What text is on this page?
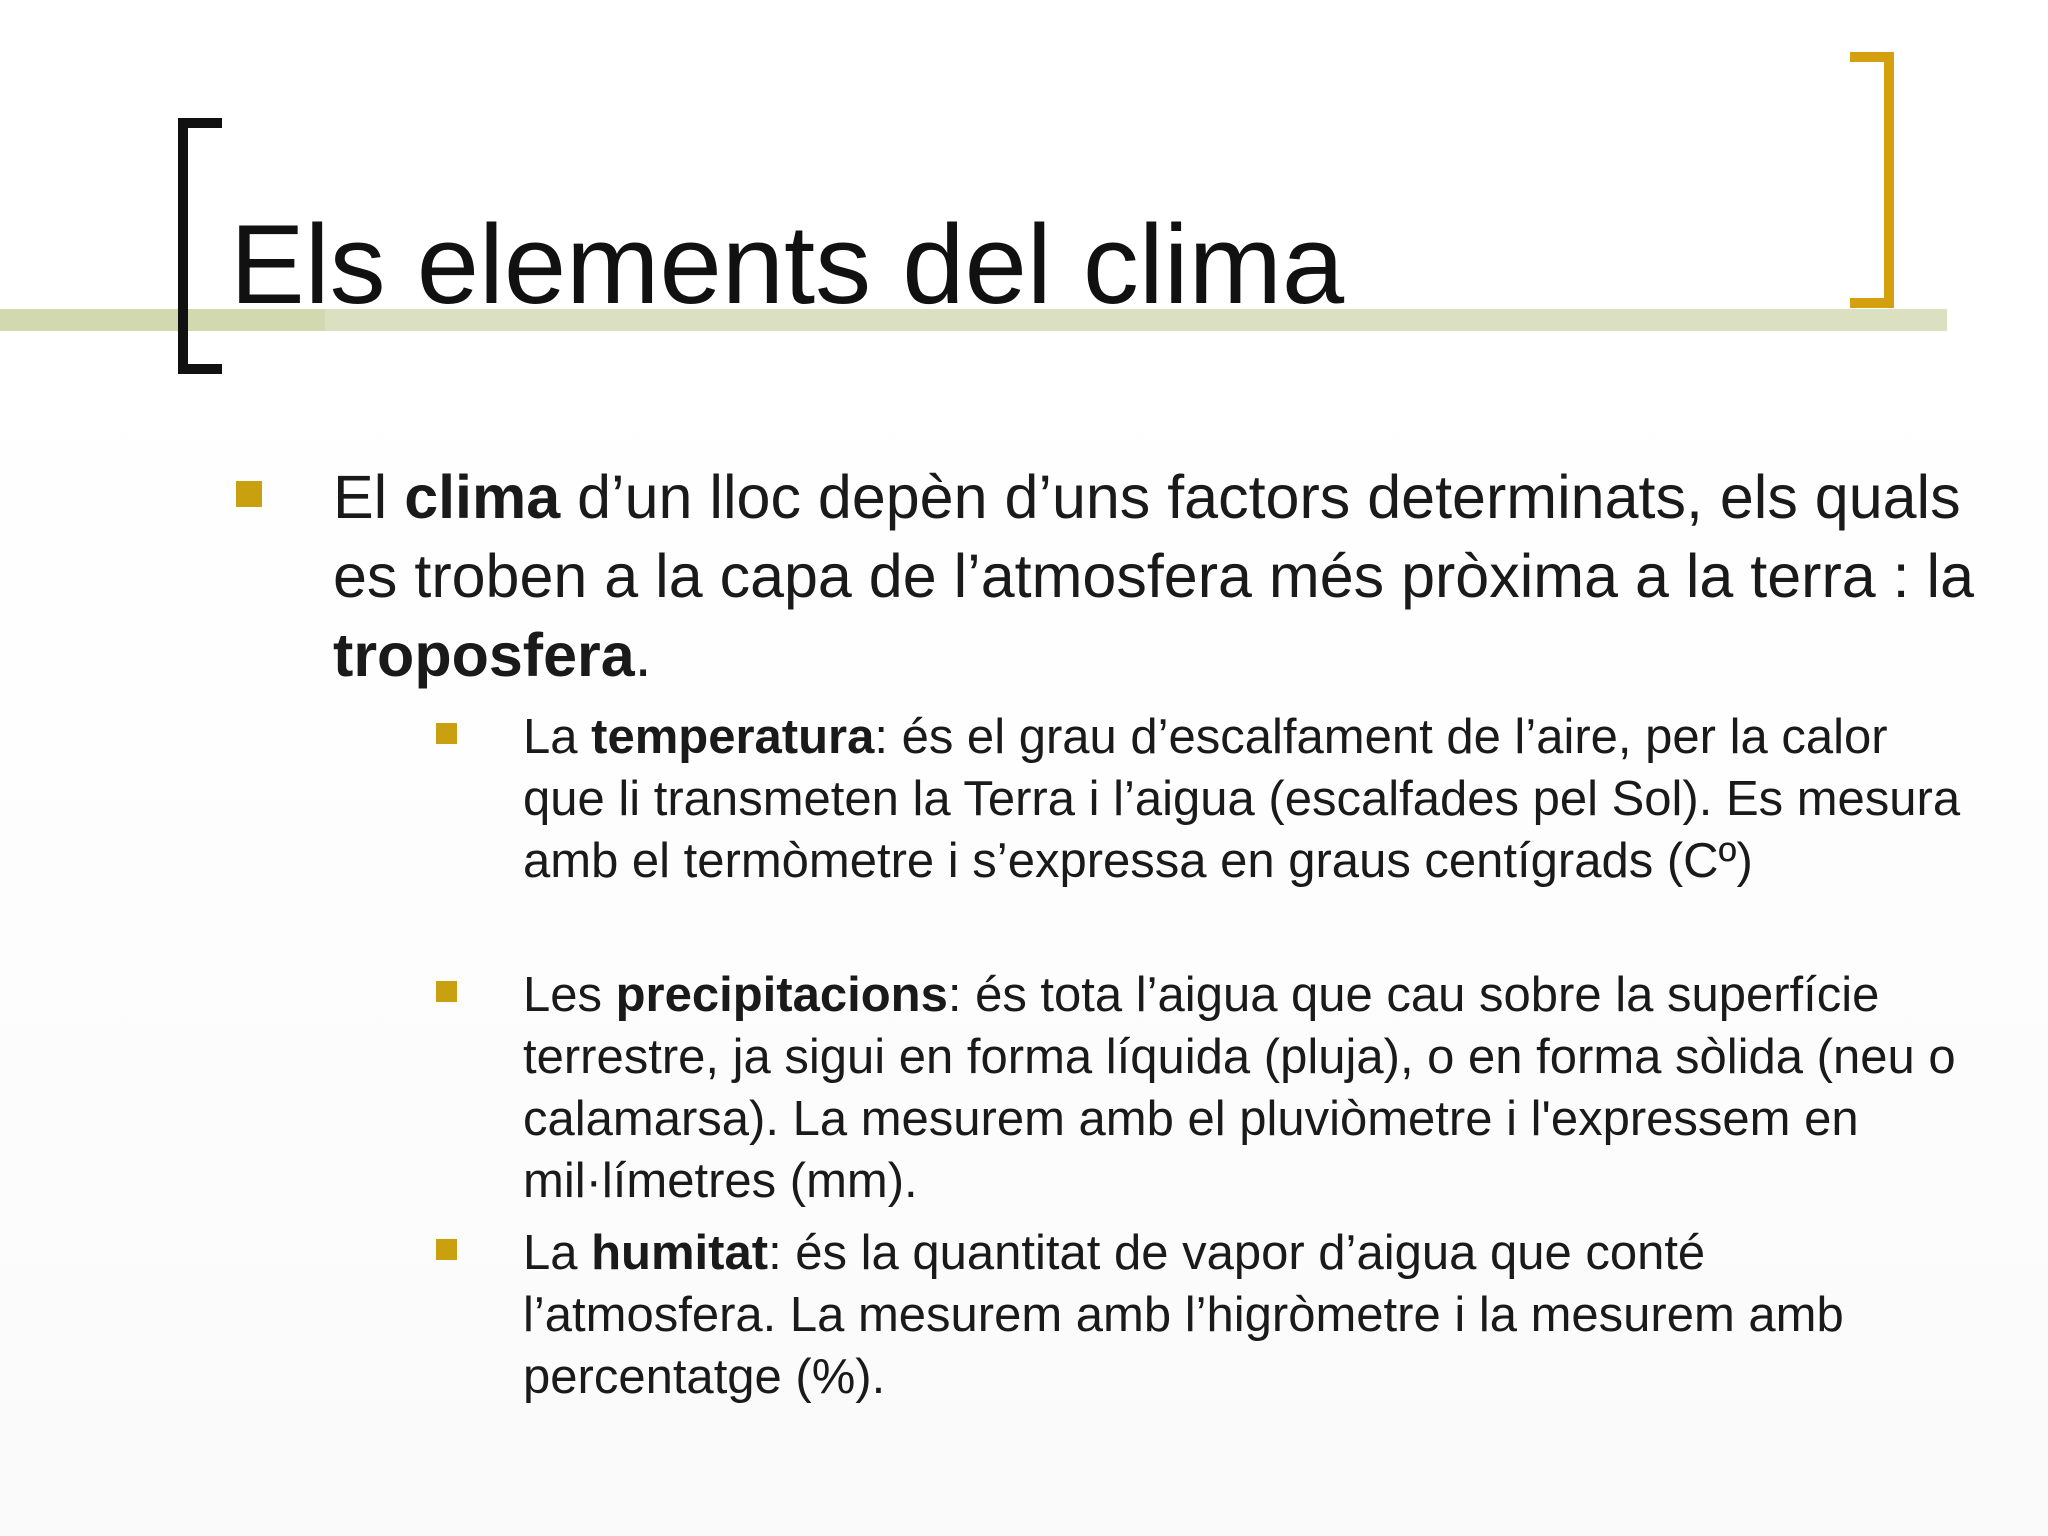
Els elements del clima

El clima d’un lloc depèn d’uns factors determinats, els quals es troben a la capa de l’atmosfera més pròxima a la terra : la troposfera.

La temperatura: és el grau d’escalfament de l’aire, per la calor que li transmeten la Terra i l’aigua (escalfades pel Sol). Es mesura amb el termòmetre i s’expressa en graus centígrads (Cº)

Les precipitacions: és tota l’aigua que cau sobre la superfície terrestre, ja sigui en forma líquida (pluja), o en forma sòlida (neu o calamarsa). La mesurem amb el pluviòmetre i l'expressem en mil·límetres (mm).

La humitat: és la quantitat de vapor d’aigua que conté l’atmosfera. La mesurem amb l’higròmetre i la mesurem amb percentatge (%).
